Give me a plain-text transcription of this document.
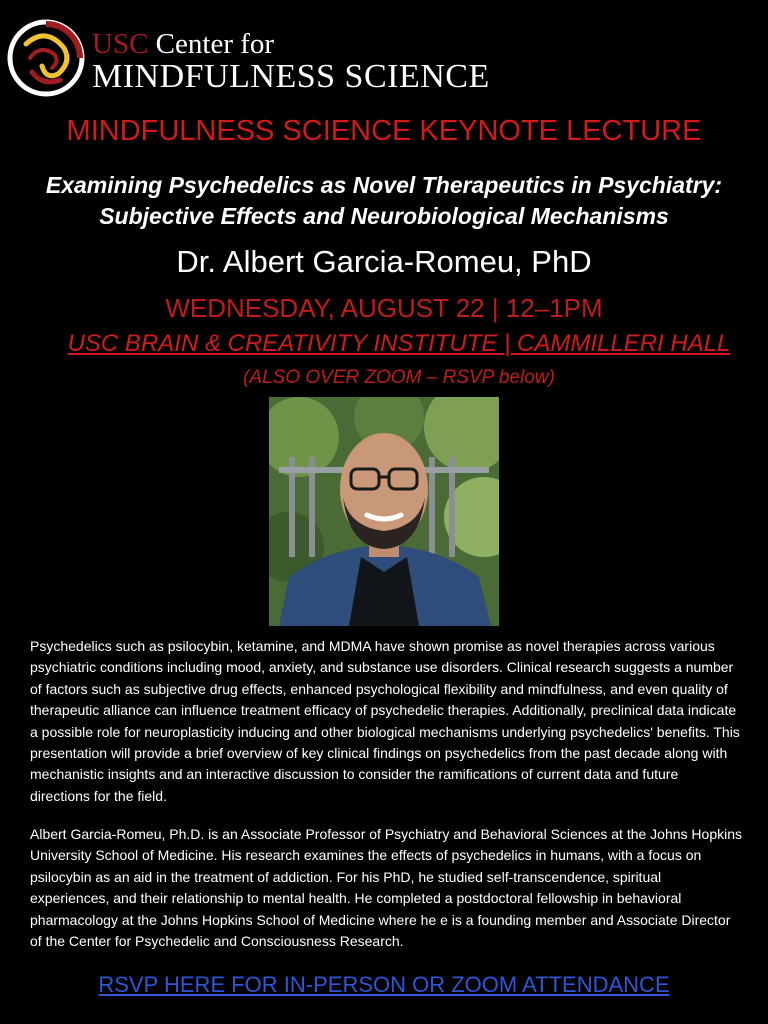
USC Center for
MINDFULNESS SCIENCE
MINDFULNESS SCIENCE KEYNOTE LECTURE
Examining Psychedelics as Novel Therapeutics in Psychiatry:
Subjective Effects and Neurobiological Mechanisms
Dr. Albert Garcia-Romeu, PhD
WEDNESDAY, AUGUST 22 | 12–1PM
USC BRAIN & CREATIVITY INSTITUTE | CAMMILLERI HALL
(ALSO OVER ZOOM – RSVP below)
Psychedelics such as psilocybin, ketamine, and MDMA have shown promise as novel therapies across various psychiatric conditions including mood, anxiety, and substance use disorders. Clinical research suggests a number of factors such as subjective drug effects, enhanced psychological flexibility and mindfulness, and even quality of therapeutic alliance can influence treatment efficacy of psychedelic therapies. Additionally, preclinical data indicate a possible role for neuroplasticity inducing and other biological mechanisms underlying psychedelics' benefits. This presentation will provide a brief overview of key clinical findings on psychedelics from the past decade along with mechanistic insights and an interactive discussion to consider the ramifications of current data and future directions for the field.
Albert Garcia-Romeu, Ph.D. is an Associate Professor of Psychiatry and Behavioral Sciences at the Johns Hopkins University School of Medicine. His research examines the effects of psychedelics in humans, with a focus on psilocybin as an aid in the treatment of addiction. For his PhD, he studied self-transcendence, spiritual experiences, and their relationship to mental health. He completed a postdoctoral fellowship in behavioral pharmacology at the Johns Hopkins School of Medicine where he e is a founding member and Associate Director of the Center for Psychedelic and Consciousness Research.
RSVP HERE FOR IN-PERSON OR ZOOM ATTENDANCE
